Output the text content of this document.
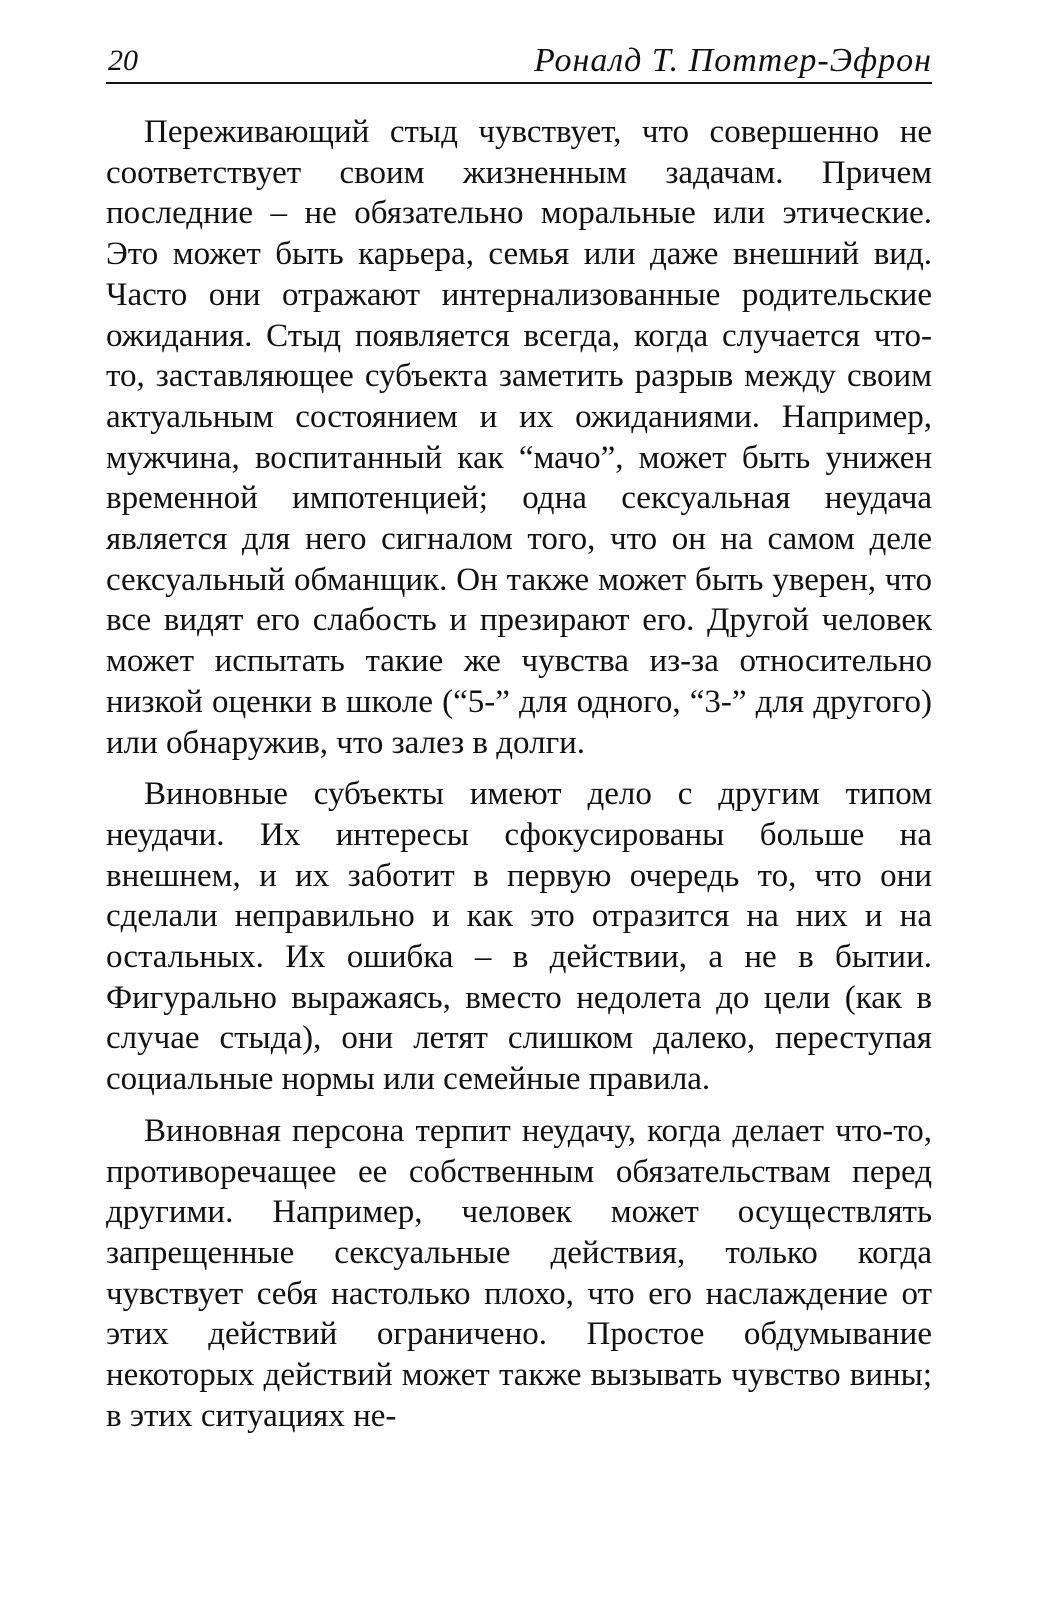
20	Роналд Т. Поттер-Эфрон

Переживающий стыд чувствует, что совершенно не соответствует своим жизненным задачам. Причем последние – не обязательно моральные или этические. Это может быть карьера, семья или даже внешний вид. Часто они отражают интернализованные родительские ожидания. Стыд появляется всегда, когда случается что-то, заставляющее субъекта заметить разрыв между своим актуальным состоянием и их ожиданиями. Например, мужчина, воспитанный как “мачо”, может быть унижен временной импотенцией; одна сексуальная неудача является для него сигналом того, что он на самом деле сексуальный обманщик. Он также может быть уверен, что все видят его слабость и презирают его. Другой человек может испытать такие же чувства из-за относительно низкой оценки в школе (“5-” для одного, “3-” для другого) или обнаружив, что залез в долги.

Виновные субъекты имеют дело с другим типом неудачи. Их интересы сфокусированы больше на внешнем, и их заботит в первую очередь то, что они сделали неправильно и как это отразится на них и на остальных. Их ошибка – в действии, а не в бытии. Фигурально выражаясь, вместо недолета до цели (как в случае стыда), они летят слишком далеко, переступая социальные нормы или семейные правила.

Виновная персона терпит неудачу, когда делает что-то, противоречащее ее собственным обязательствам перед другими. Например, человек может осуществлять запрещенные сексуальные действия, только когда чувствует себя настолько плохо, что его наслаждение от этих действий ограничено. Простое обдумывание некоторых действий может также вызывать чувство вины; в этих ситуациях не-
